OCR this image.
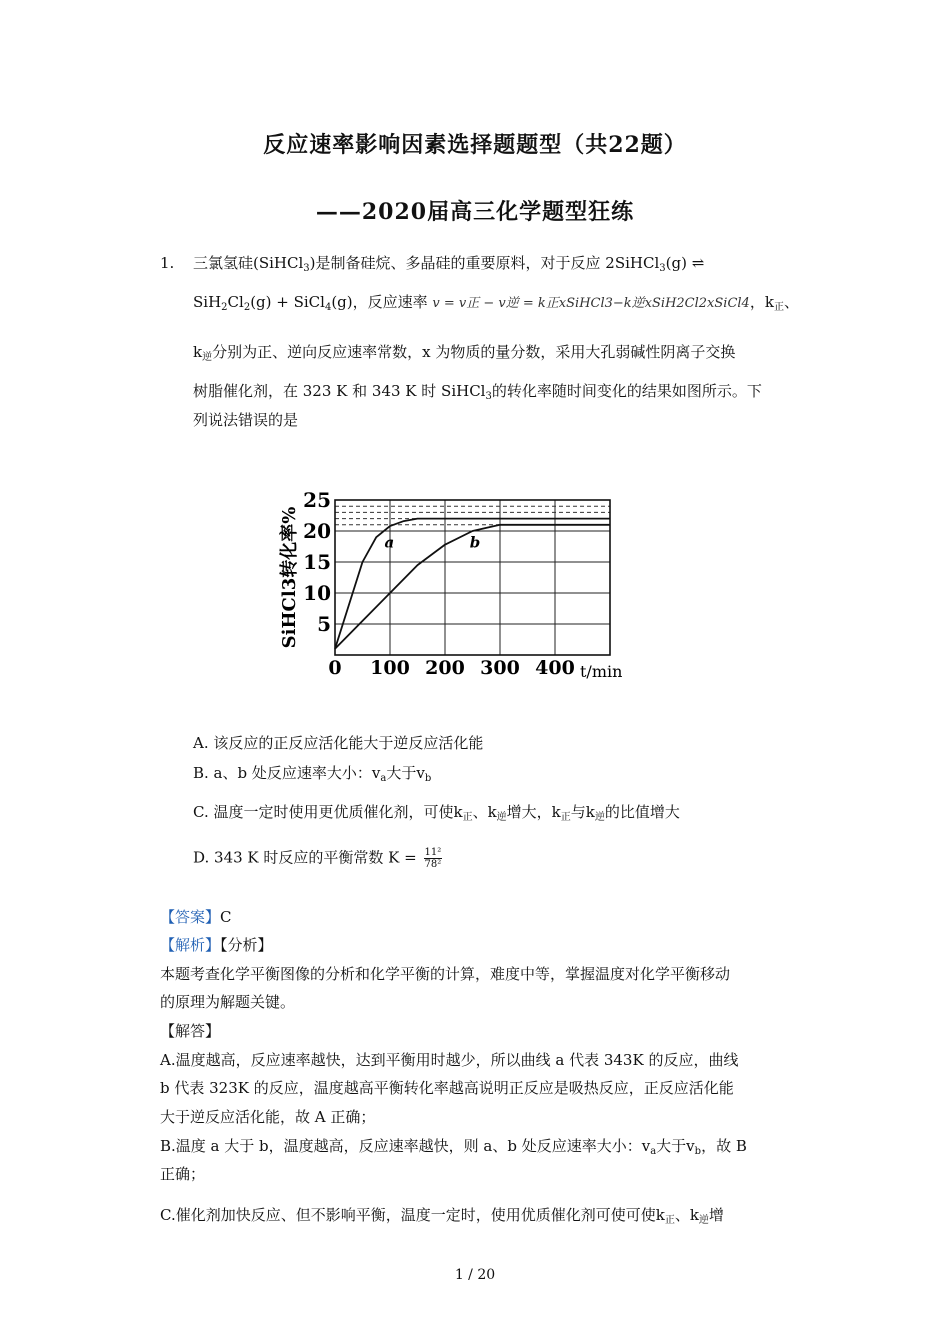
反应速率影响因素选择题题型（共22题）
——2020届高三化学题型狂练
1. 三氯氢硅(SiHCl$_3$)是制备硅烷、多晶硅的重要原料，对于反应 2SiHCl$_3$(g) ⇌
$SiH_2Cl_2(g)$ + SiCl$_4$(g)，反应速率 v = v正 − v逆 = k正xSiHCl3−k逆xSiH2Cl2xSiCl4，$k_正$、
$k_逆$分别为正、逆向反应速率常数，x 为物质的量分数，采用大孔弱碱性阴离子交换
树脂催化剂，在 323 K 和 343 K 时 SiHCl$_3$的转化率随时间变化的结果如图所示。下
列说法错误的是
a	b
5
10
15
20
25
0 100 200 300 400 t/min
SiHCl3转化率%
A. 该反应的正反应活化能大于逆反应活化能
B. a、b 处反应速率大小：$v_a$大于$v_b$
C. 温度一定时使用更优质催化剂，可使$k_正$、$k_逆$增大，$k_正$与$k_逆$的比值增大
D. 343 K 时反应的平衡常数 $K = \frac{\text{11²}}{\text{78²}}$
【答案】C
【解析】【分析】
本题考查化学平衡图像的分析和化学平衡的计算，难度中等，掌握温度对化学平衡移动
的原理为解题关键。
【解答】
A.温度越高，反应速率越快，达到平衡用时越少，所以曲线 a 代表 343K 的反应，曲线
b 代表 323K 的反应，温度越高平衡转化率越高说明正反应是吸热反应，正反应活化能
大于逆反应活化能，故 A 正确；
B.温度 a 大于 b，温度越高，反应速率越快，则 a、b 处反应速率大小：$v_a$大于$v_b$，故 B
正确；
C.催化剂加快反应、但不影响平衡，温度一定时，使用优质催化剂可使可使$k_正$、$k_逆$增
1 / 20
